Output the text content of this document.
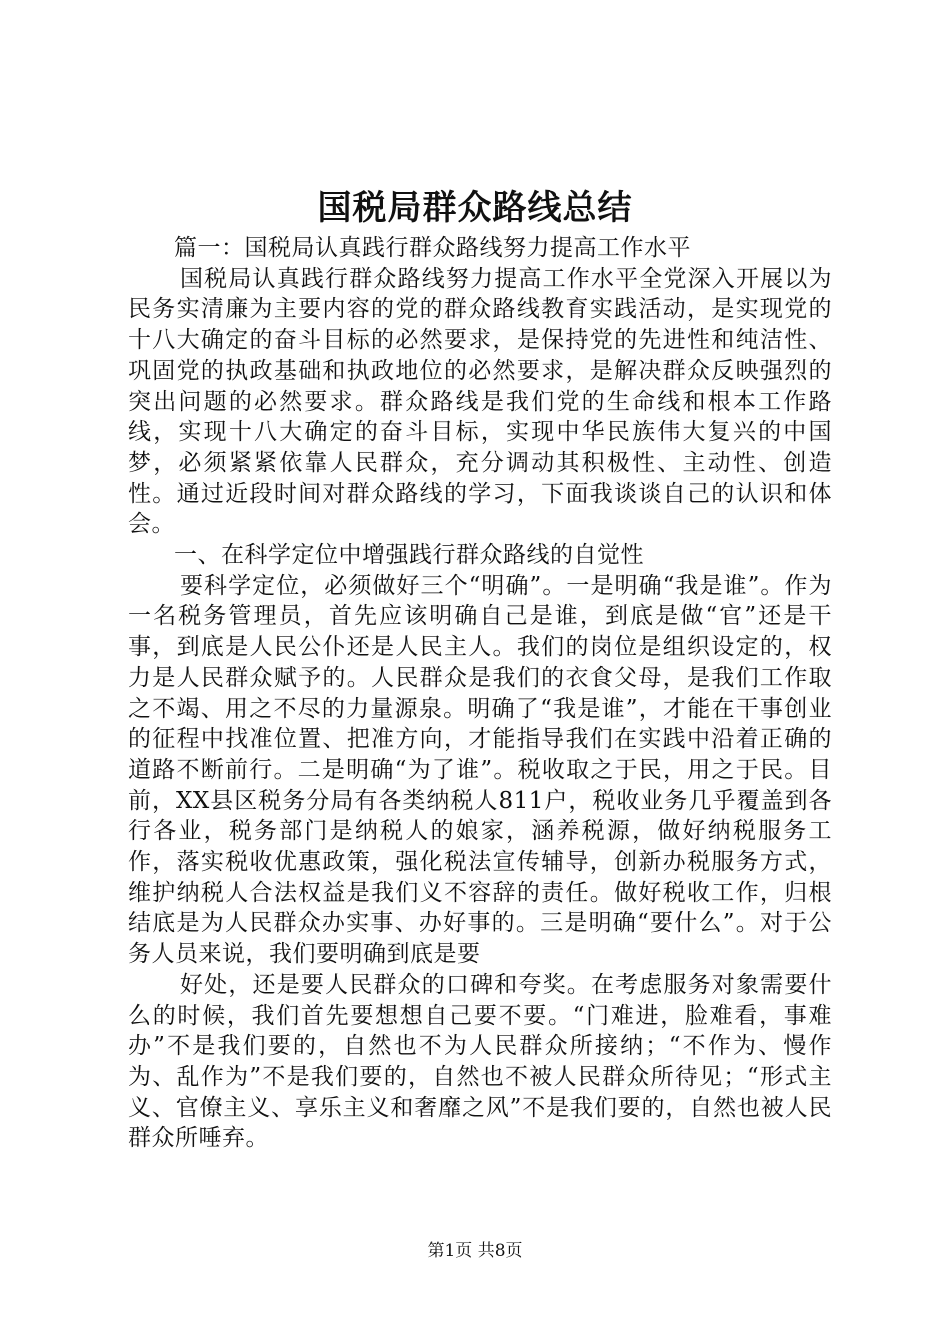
国税局群众路线总结

篇一：国税局认真践行群众路线努力提高工作水平

国税局认真践行群众路线努力提高工作水平全党深入开展以为民务实清廉为主要内容的党的群众路线教育实践活动，是实现党的十八大确定的奋斗目标的必然要求，是保持党的先进性和纯洁性、巩固党的执政基础和执政地位的必然要求，是解决群众反映强烈的突出问题的必然要求。群众路线是我们党的生命线和根本工作路线，实现十八大确定的奋斗目标，实现中华民族伟大复兴的中国梦，必须紧紧依靠人民群众，充分调动其积极性、主动性、创造性。通过近段时间对群众路线的学习，下面我谈谈自己的认识和体会。

一、在科学定位中增强践行群众路线的自觉性

要科学定位，必须做好三个“明确”。一是明确“我是谁”。作为一名税务管理员，首先应该明确自己是谁，到底是做“官”还是干事，到底是人民公仆还是人民主人。我们的岗位是组织设定的，权力是人民群众赋予的。人民群众是我们的衣食父母，是我们工作取之不竭、用之不尽的力量源泉。明确了“我是谁”，才能在干事创业的征程中找准位置、把准方向，才能指导我们在实践中沿着正确的道路不断前行。二是明确“为了谁”。税收取之于民，用之于民。目前，XX县区税务分局有各类纳税人811户，税收业务几乎覆盖到各行各业，税务部门是纳税人的娘家，涵养税源，做好纳税服务工作，落实税收优惠政策，强化税法宣传辅导，创新办税服务方式，维护纳税人合法权益是我们义不容辞的责任。做好税收工作，归根结底是为人民群众办实事、办好事的。三是明确“要什么”。对于公务人员来说，我们要明确到底是要

好处，还是要人民群众的口碑和夸奖。在考虑服务对象需要什么的时候，我们首先要想想自己要不要。“门难进，脸难看，事难办”不是我们要的，自然也不为人民群众所接纳；“不作为、慢作为、乱作为”不是我们要的，自然也不被人民群众所待见；“形式主义、官僚主义、享乐主义和奢靡之风”不是我们要的，自然也被人民群众所唾弃。

第1页 共8页
